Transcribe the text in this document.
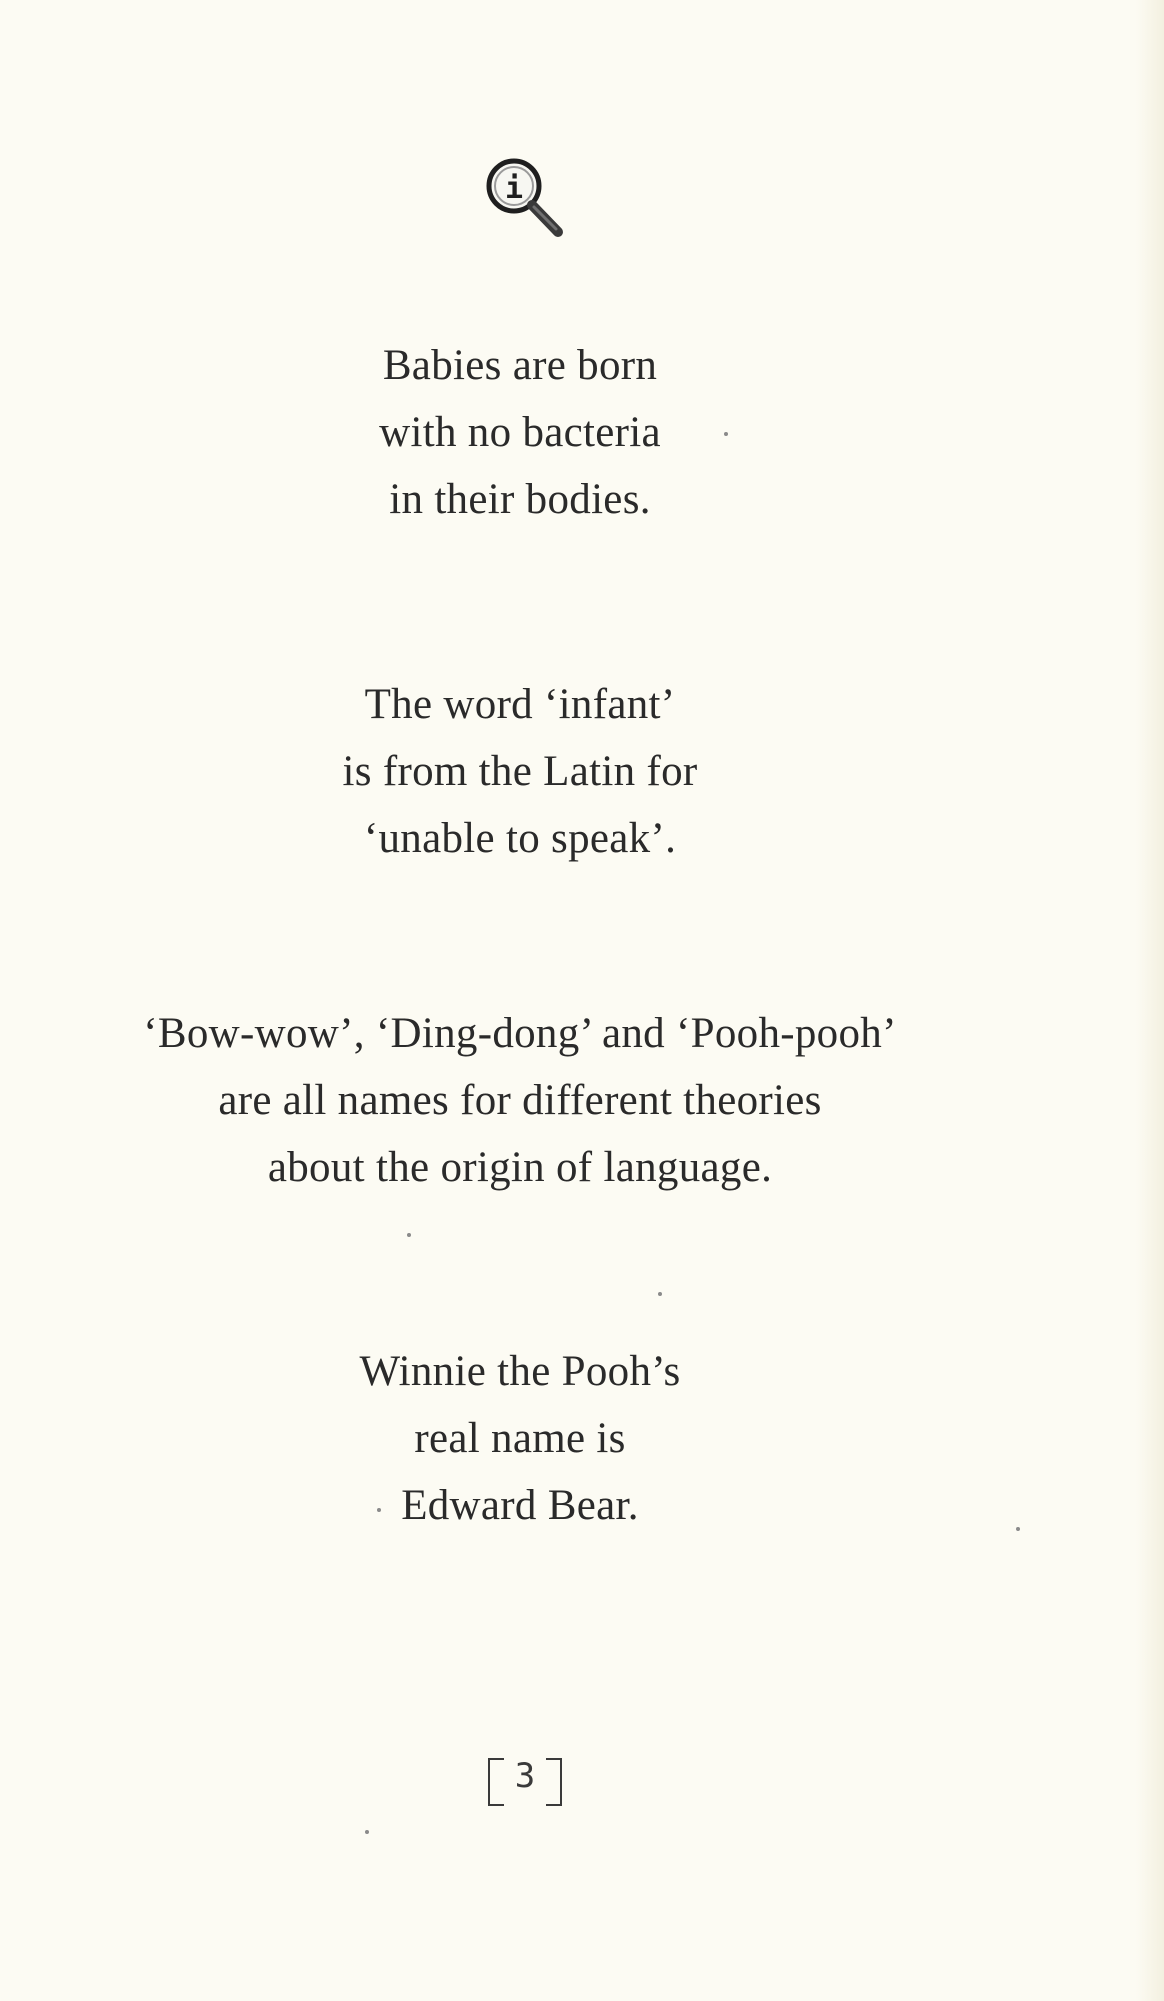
i
Babies are born
with no bacteria
in their bodies.
The word ‘infant’
is from the Latin for
‘unable to speak’.
‘Bow-wow’, ‘Ding-dong’ and ‘Pooh-pooh’
are all names for different theories
about the origin of language.
Winnie the Pooh’s
real name is
Edward Bear.
3
